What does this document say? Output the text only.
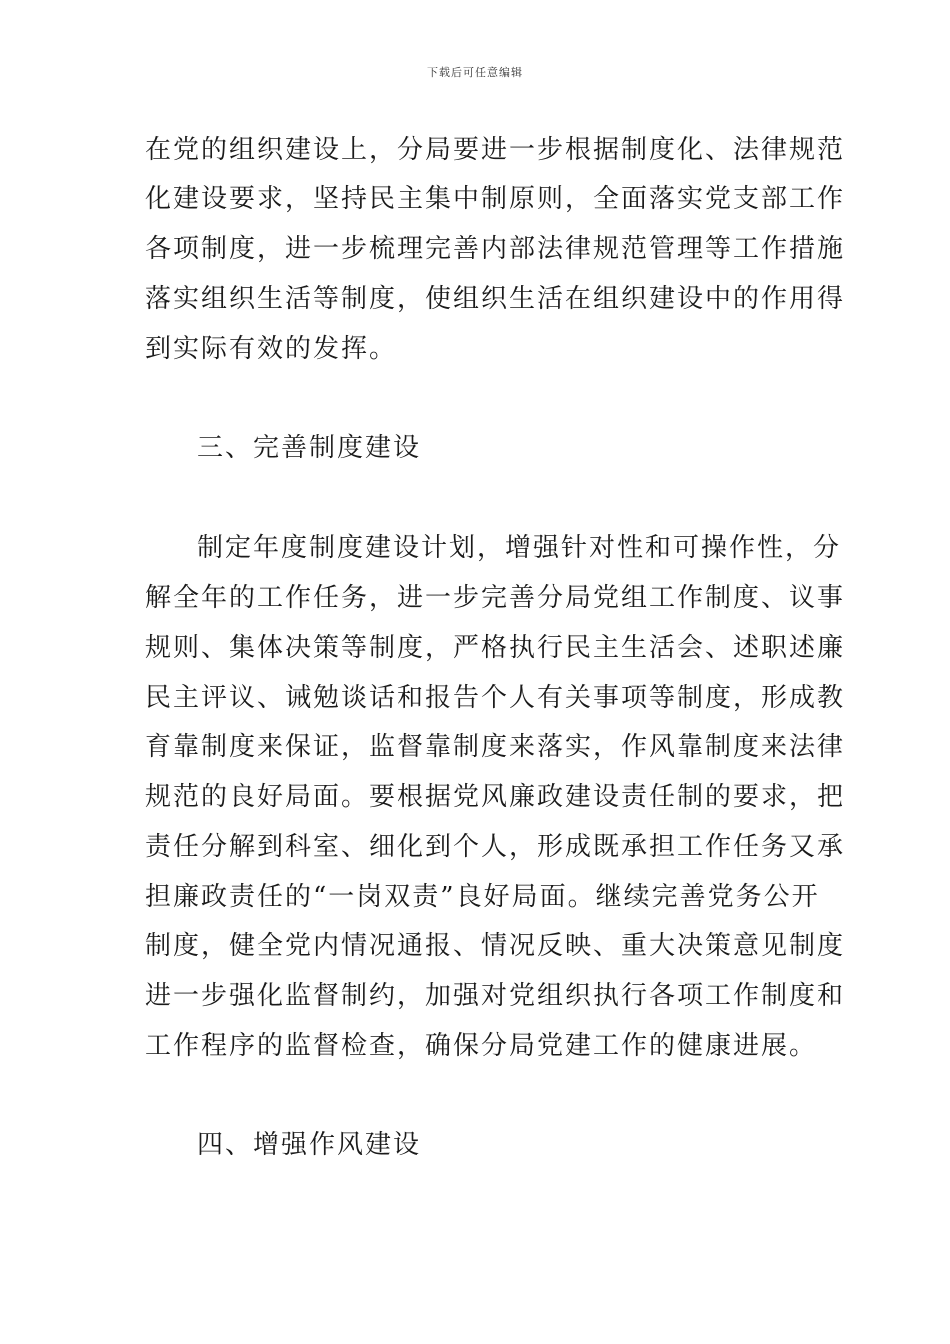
下载后可任意编辑

在党的组织建设上，分局要进一步根据制度化、法律规范

化建设要求，坚持民主集中制原则，全面落实党支部工作

各项制度，进一步梳理完善内部法律规范管理等工作措施

落实组织生活等制度，使组织生活在组织建设中的作用得

到实际有效的发挥。

三、完善制度建设

制定年度制度建设计划，增强针对性和可操作性，分

解全年的工作任务，进一步完善分局党组工作制度、议事

规则、集体决策等制度，严格执行民主生活会、述职述廉

民主评议、诫勉谈话和报告个人有关事项等制度，形成教

育靠制度来保证，监督靠制度来落实，作风靠制度来法律

规范的良好局面。要根据党风廉政建设责任制的要求，把

责任分解到科室、细化到个人，形成既承担工作任务又承

担廉政责任的“一岗双责”良好局面。继续完善党务公开

制度，健全党内情况通报、情况反映、重大决策意见制度

进一步强化监督制约，加强对党组织执行各项工作制度和

工作程序的监督检查，确保分局党建工作的健康进展。

四、增强作风建设
